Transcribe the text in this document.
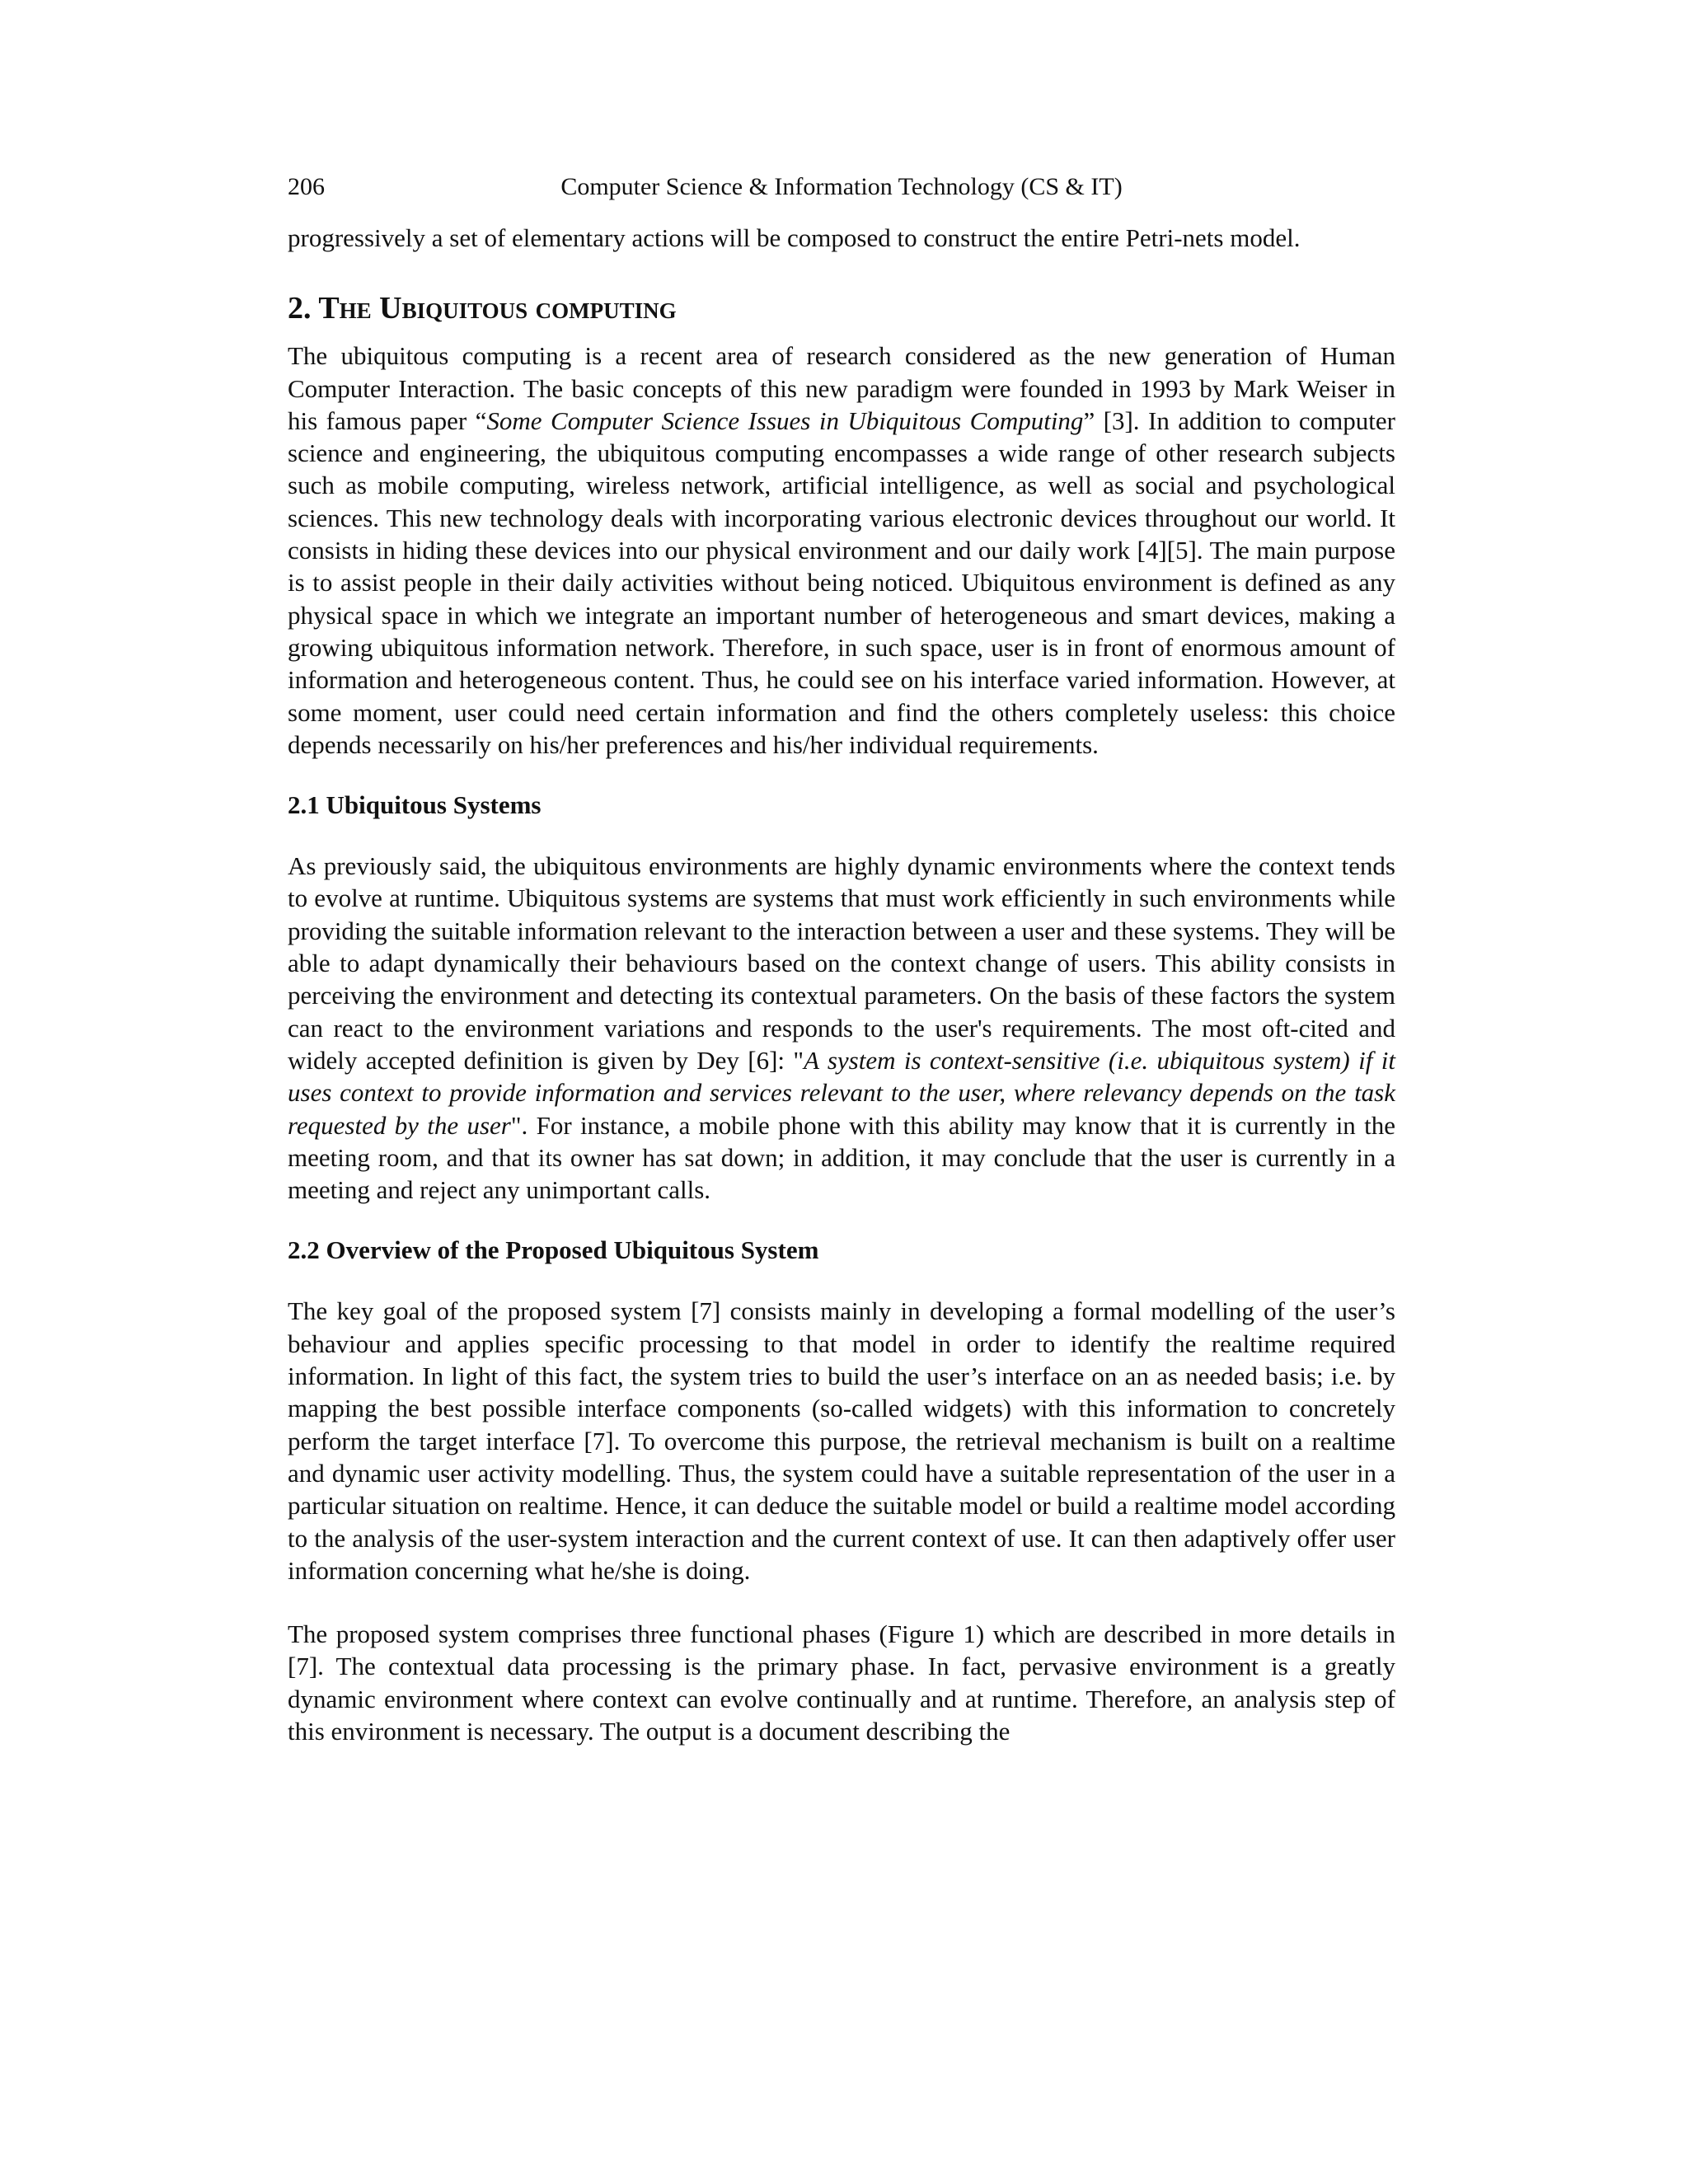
206	Computer Science & Information Technology (CS & IT)

progressively a set of elementary actions will be composed to construct the entire Petri-nets model.

2. The Ubiquitous computing

The ubiquitous computing is a recent area of research considered as the new generation of Human Computer Interaction. The basic concepts of this new paradigm were founded in 1993 by Mark Weiser in his famous paper “Some Computer Science Issues in Ubiquitous Computing” [3]. In addition to computer science and engineering, the ubiquitous computing encompasses a wide range of other research subjects such as mobile computing, wireless network, artificial intelligence, as well as social and psychological sciences. This new technology deals with incorporating various electronic devices throughout our world. It consists in hiding these devices into our physical environment and our daily work [4][5]. The main purpose is to assist people in their daily activities without being noticed. Ubiquitous environment is defined as any physical space in which we integrate an important number of heterogeneous and smart devices, making a growing ubiquitous information network. Therefore, in such space, user is in front of enormous amount of information and heterogeneous content. Thus, he could see on his interface varied information. However, at some moment, user could need certain information and find the others completely useless: this choice depends necessarily on his/her preferences and his/her individual requirements.

2.1 Ubiquitous Systems

As previously said, the ubiquitous environments are highly dynamic environments where the context tends to evolve at runtime. Ubiquitous systems are systems that must work efficiently in such environments while providing the suitable information relevant to the interaction between a user and these systems. They will be able to adapt dynamically their behaviours based on the context change of users. This ability consists in perceiving the environment and detecting its contextual parameters. On the basis of these factors the system can react to the environment variations and responds to the user's requirements. The most oft-cited and widely accepted definition is given by Dey [6]: "A system is context-sensitive (i.e. ubiquitous system) if it uses context to provide information and services relevant to the user, where relevancy depends on the task requested by the user". For instance, a mobile phone with this ability may know that it is currently in the meeting room, and that its owner has sat down; in addition, it may conclude that the user is currently in a meeting and reject any unimportant calls.

2.2 Overview of the Proposed Ubiquitous System

The key goal of the proposed system [7] consists mainly in developing a formal modelling of the user’s behaviour and applies specific processing to that model in order to identify the realtime required information. In light of this fact, the system tries to build the user’s interface on an as needed basis; i.e. by mapping the best possible interface components (so-called widgets) with this information to concretely perform the target interface [7]. To overcome this purpose, the retrieval mechanism is built on a realtime and dynamic user activity modelling. Thus, the system could have a suitable representation of the user in a particular situation on realtime. Hence, it can deduce the suitable model or build a realtime model according to the analysis of the user-system interaction and the current context of use. It can then adaptively offer user information concerning what he/she is doing.

The proposed system comprises three functional phases (Figure 1) which are described in more details in [7]. The contextual data processing is the primary phase. In fact, pervasive environment is a greatly dynamic environment where context can evolve continually and at runtime. Therefore, an analysis step of this environment is necessary. The output is a document describing the
